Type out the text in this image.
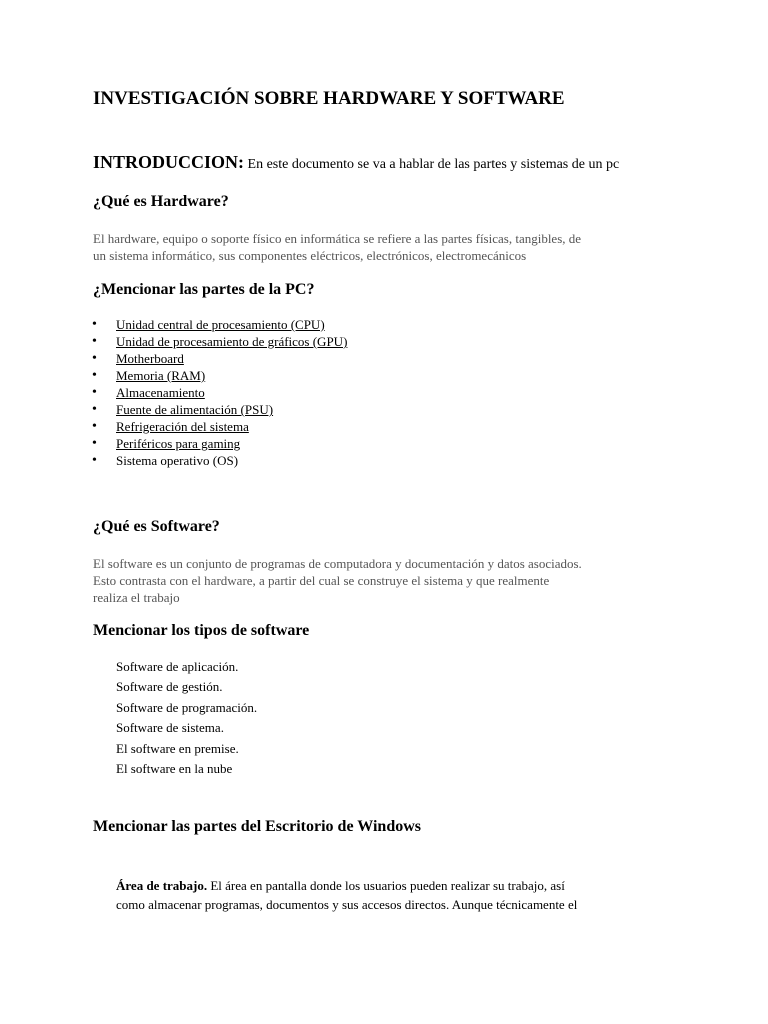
INVESTIGACIÓN SOBRE HARDWARE Y SOFTWARE
INTRODUCCION: En este documento se va a hablar de las partes y sistemas de un pc
¿Qué es Hardware?
El hardware, equipo o soporte físico en informática se refiere a las partes físicas, tangibles, de
un sistema informático, sus componentes eléctricos, electrónicos, electromecánicos
¿Mencionar las partes de la PC?
• Unidad central de procesamiento (CPU)
• Unidad de procesamiento de gráficos (GPU)
• Motherboard
• Memoria (RAM)
• Almacenamiento
• Fuente de alimentación (PSU)
• Refrigeración del sistema
• Periféricos para gaming
• Sistema operativo (OS)
¿Qué es Software?
El software es un conjunto de programas de computadora y documentación y datos asociados.
Esto contrasta con el hardware, a partir del cual se construye el sistema y que realmente
realiza el trabajo
Mencionar los tipos de software
Software de aplicación.
Software de gestión.
Software de programación.
Software de sistema.
El software en premise.
El software en la nube
Mencionar las partes del Escritorio de Windows
Área de trabajo. El área en pantalla donde los usuarios pueden realizar su trabajo, así
como almacenar programas, documentos y sus accesos directos. Aunque técnicamente el
